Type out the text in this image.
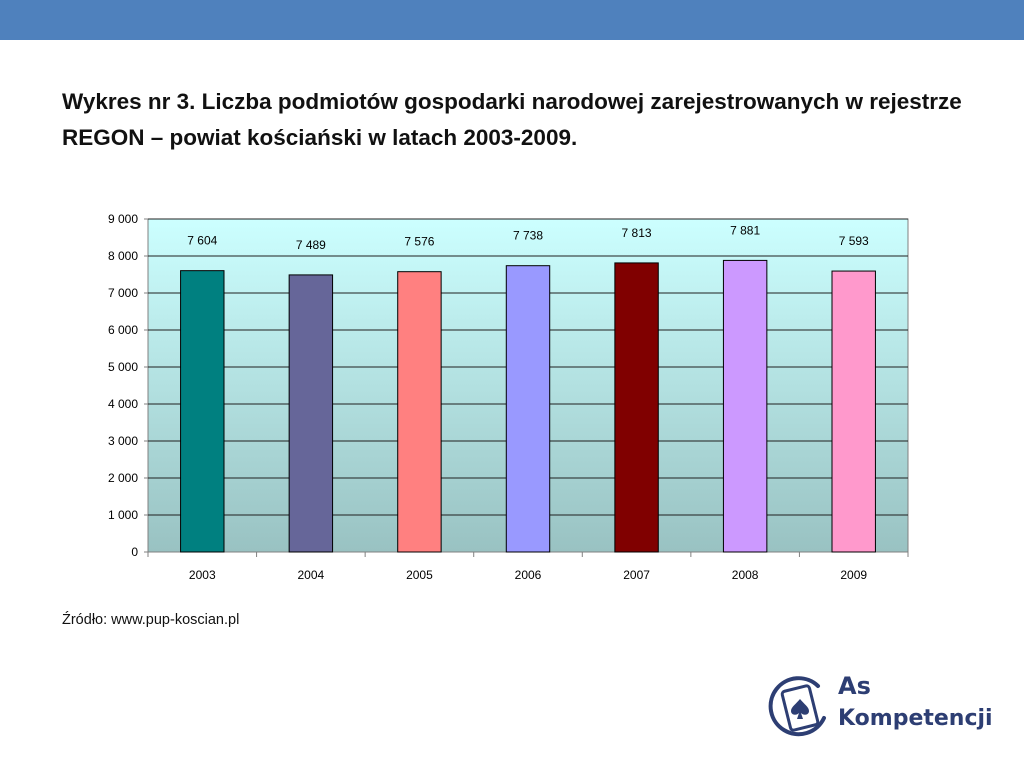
Wykres nr 3. Liczba podmiotów gospodarki narodowej zarejestrowanych w rejestrze REGON – powiat kościański w latach 2003-2009.

0
1 000
2 000
3 000
4 000
5 000
6 000
7 000
8 000
9 000
7 604	7 489	7 576	7 738	7 813	7 881
7 593
2003	2004	2005	2006	2007	2008	2009
Źródło: www.pup-koscian.pl
As
Kompetencji
